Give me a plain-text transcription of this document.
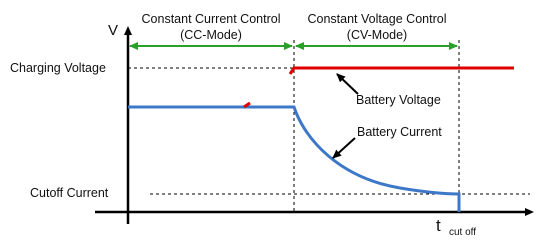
V
Constant Current Control
(CC-Mode)
Constant Voltage Control
(CV-Mode)
Charging Voltage
Cutoff Current
Battery Voltage
Battery Current
t cut off
